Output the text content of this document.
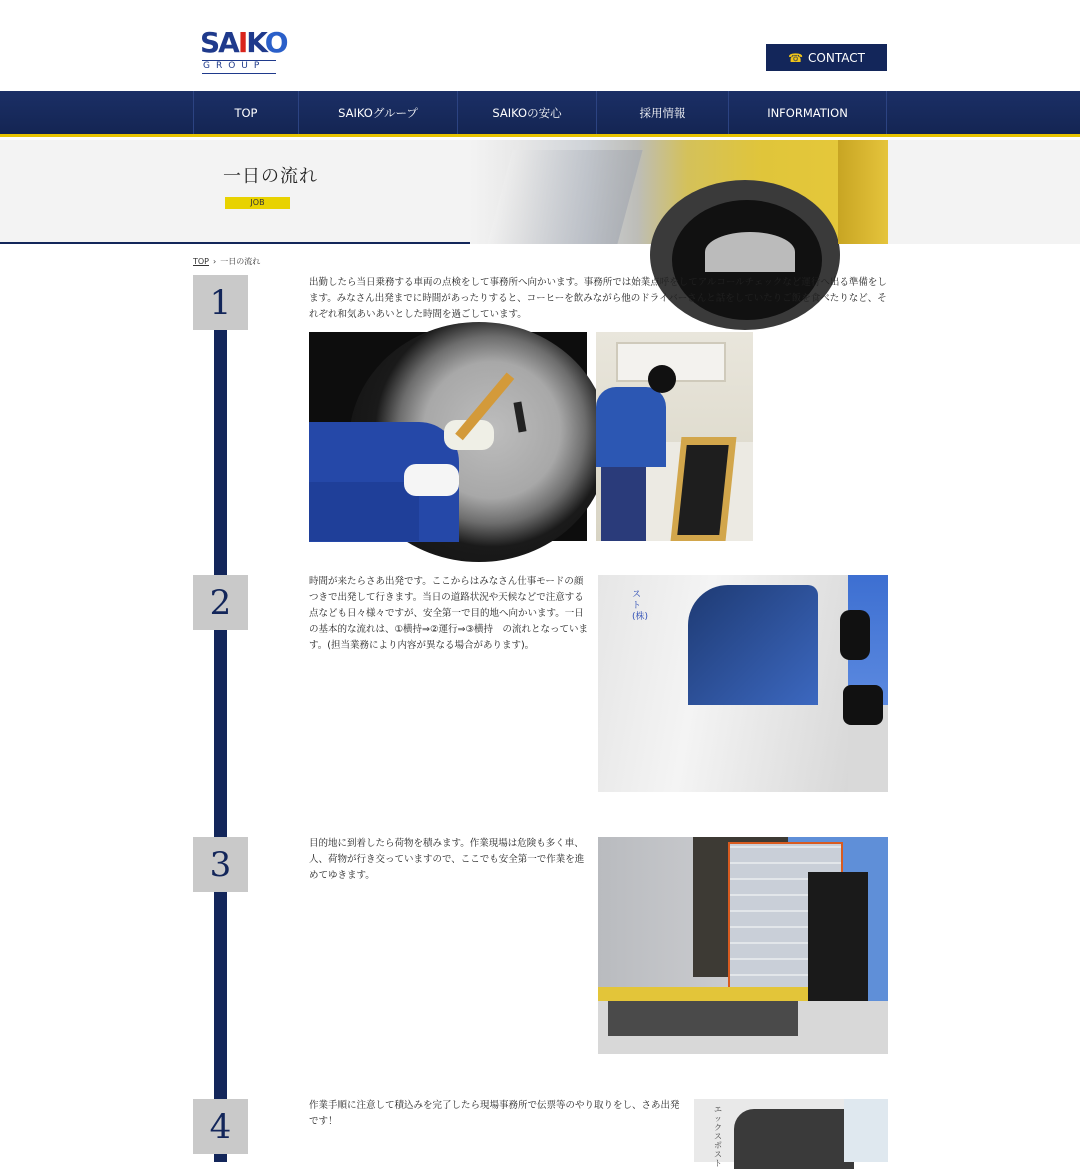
SAIKO
GROUP
☎ CONTACT
TOP	SAIKOグループ	SAIKOの安心	採用情報	INFORMATION
一日の流れ
JOB
TOP › 一日の流れ
1	出勤したら当日乗務する車両の点検をして事務所へ向かいます。事務所では始業点呼をしてアルコールチェックなど運行へ出る準備をします。みなさん出発までに時間があったりすると、コーヒーを飲みながら他のドライバーさんと話をしていたりご飯を食べたりなど、それぞれ和気あいあいとした時間を過ごしています。
2
時間が来たらさあ出発です。ここからはみなさん仕事モードの顔つきで出発して行きます。当日の道路状況や天候などで注意する点なども日々様々ですが、安全第一で目的地へ向かいます。一日の基本的な流れは、①横持⇒②運行⇒③横持　の流れとなっています。(担当業務により内容が異なる場合があります)。
スト(株)
3
目的地に到着したら荷物を積みます。作業現場は危険も多く車、人、荷物が行き交っていますので、ここでも安全第一で作業を進めてゆきます。
4
作業手順に注意して積込みを完了したら現場事務所で伝票等のやり取りをし、さあ出発です！
エックスポスト
